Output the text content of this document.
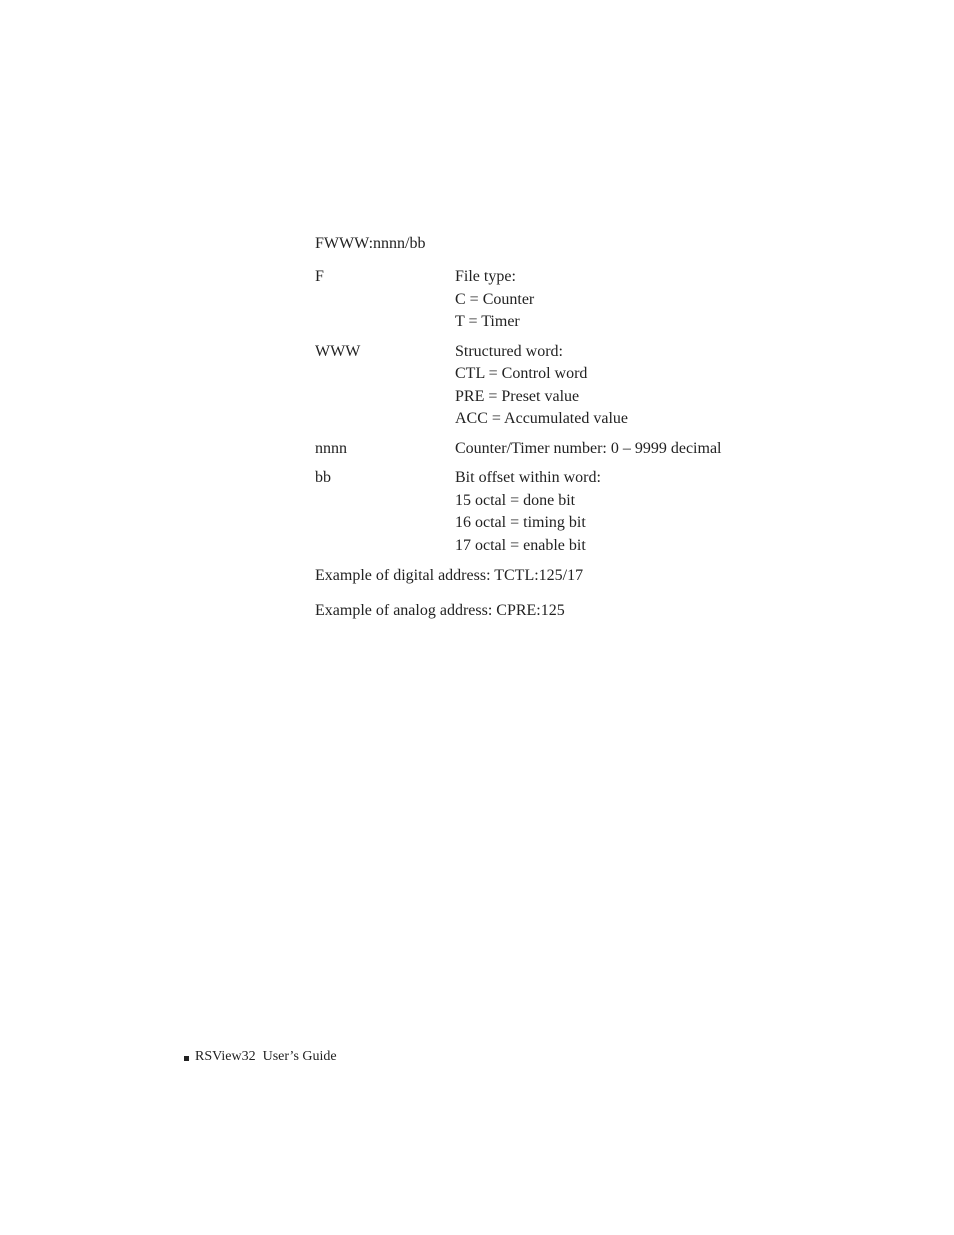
FWWW:nnnn/bb

F	File type:
C = Counter
T = Timer
WWW	Structured word:
CTL = Control word
PRE = Preset value
ACC = Accumulated value
nnnn	Counter/Timer number: 0 – 9999 decimal
bb	Bit offset within word:
15 octal = done bit
16 octal = timing bit
17 octal = enable bit

Example of digital address: TCTL:125/17

Example of analog address: CPRE:125

RSView32  User’s Guide
